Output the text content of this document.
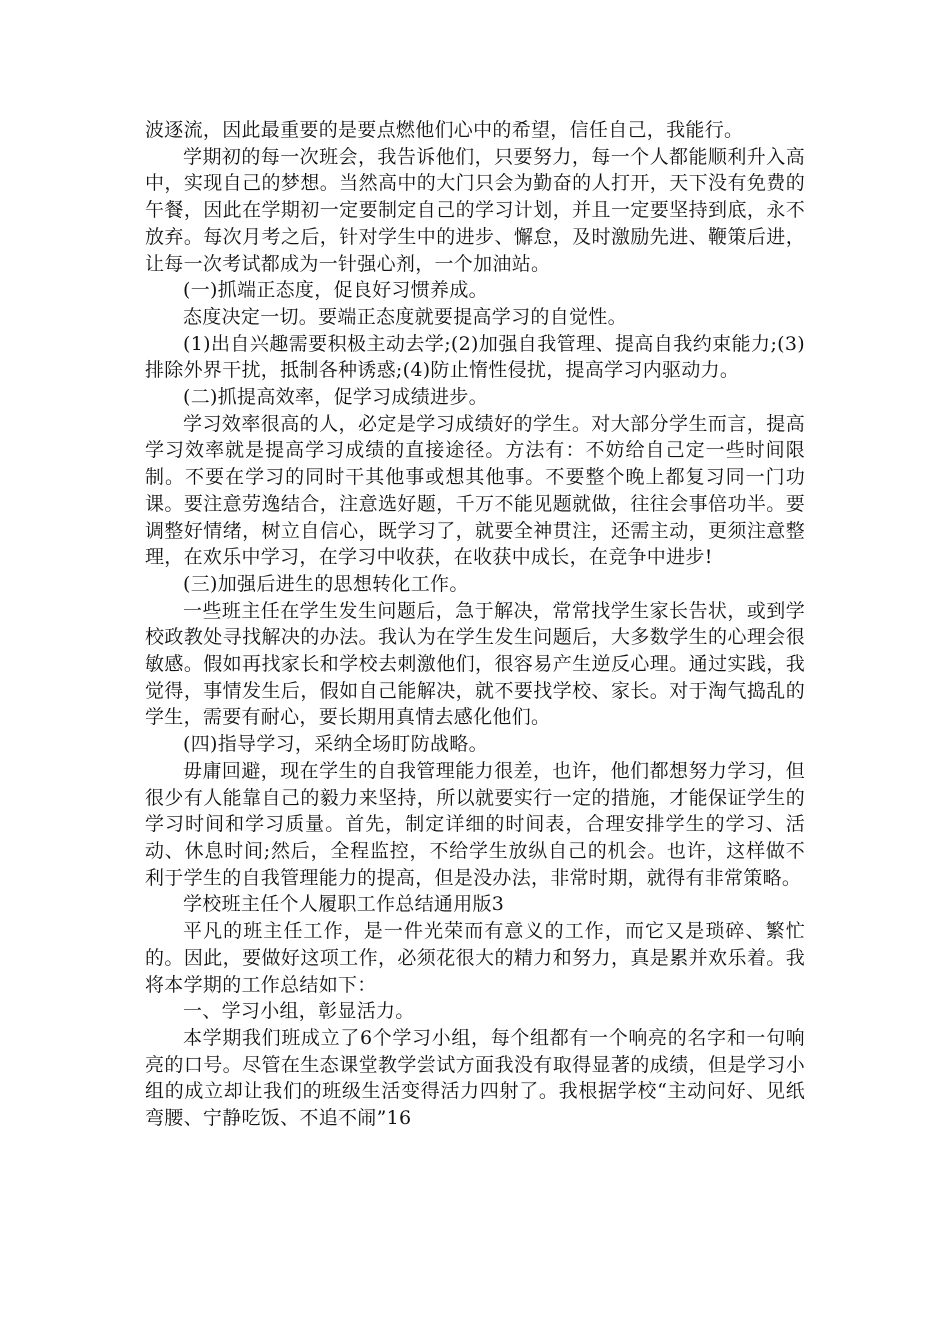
波逐流，因此最重要的是要点燃他们心中的希望，信任自己，我能行。

学期初的每一次班会，我告诉他们，只要努力，每一个人都能顺利升入高中，实现自己的梦想。当然高中的大门只会为勤奋的人打开，天下没有免费的午餐，因此在学期初一定要制定自己的学习计划，并且一定要坚持到底，永不放弃。每次月考之后，针对学生中的进步、懈怠，及时激励先进、鞭策后进，让每一次考试都成为一针强心剂，一个加油站。

(一)抓端正态度，促良好习惯养成。

态度决定一切。要端正态度就要提高学习的自觉性。

(1)出自兴趣需要积极主动去学;(2)加强自我管理、提高自我约束能力;(3)排除外界干扰，抵制各种诱惑;(4)防止惰性侵扰，提高学习内驱动力。

(二)抓提高效率，促学习成绩进步。

学习效率很高的人，必定是学习成绩好的学生。对大部分学生而言，提高学习效率就是提高学习成绩的直接途径。方法有：不妨给自己定一些时间限制。不要在学习的同时干其他事或想其他事。不要整个晚上都复习同一门功课。要注意劳逸结合，注意选好题，千万不能见题就做，往往会事倍功半。要调整好情绪，树立自信心，既学习了，就要全神贯注，还需主动，更须注意整理，在欢乐中学习，在学习中收获，在收获中成长，在竞争中进步!

(三)加强后进生的思想转化工作。

一些班主任在学生发生问题后，急于解决，常常找学生家长告状，或到学校政教处寻找解决的办法。我认为在学生发生问题后，大多数学生的心理会很敏感。假如再找家长和学校去刺激他们，很容易产生逆反心理。通过实践，我觉得，事情发生后，假如自己能解决，就不要找学校、家长。对于淘气捣乱的学生，需要有耐心，要长期用真情去感化他们。

(四)指导学习，采纳全场盯防战略。

毋庸回避，现在学生的自我管理能力很差，也许，他们都想努力学习，但很少有人能靠自己的毅力来坚持，所以就要实行一定的措施，才能保证学生的学习时间和学习质量。首先，制定详细的时间表，合理安排学生的学习、活动、休息时间;然后，全程监控，不给学生放纵自己的机会。也许，这样做不利于学生的自我管理能力的提高，但是没办法，非常时期，就得有非常策略。

学校班主任个人履职工作总结通用版3

平凡的班主任工作，是一件光荣而有意义的工作，而它又是琐碎、繁忙的。因此，要做好这项工作，必须花很大的精力和努力，真是累并欢乐着。我将本学期的工作总结如下：

一、学习小组，彰显活力。

本学期我们班成立了6个学习小组，每个组都有一个响亮的名字和一句响亮的口号。尽管在生态课堂教学尝试方面我没有取得显著的成绩，但是学习小组的成立却让我们的班级生活变得活力四射了。我根据学校“主动问好、见纸弯腰、宁静吃饭、不追不闹”16
